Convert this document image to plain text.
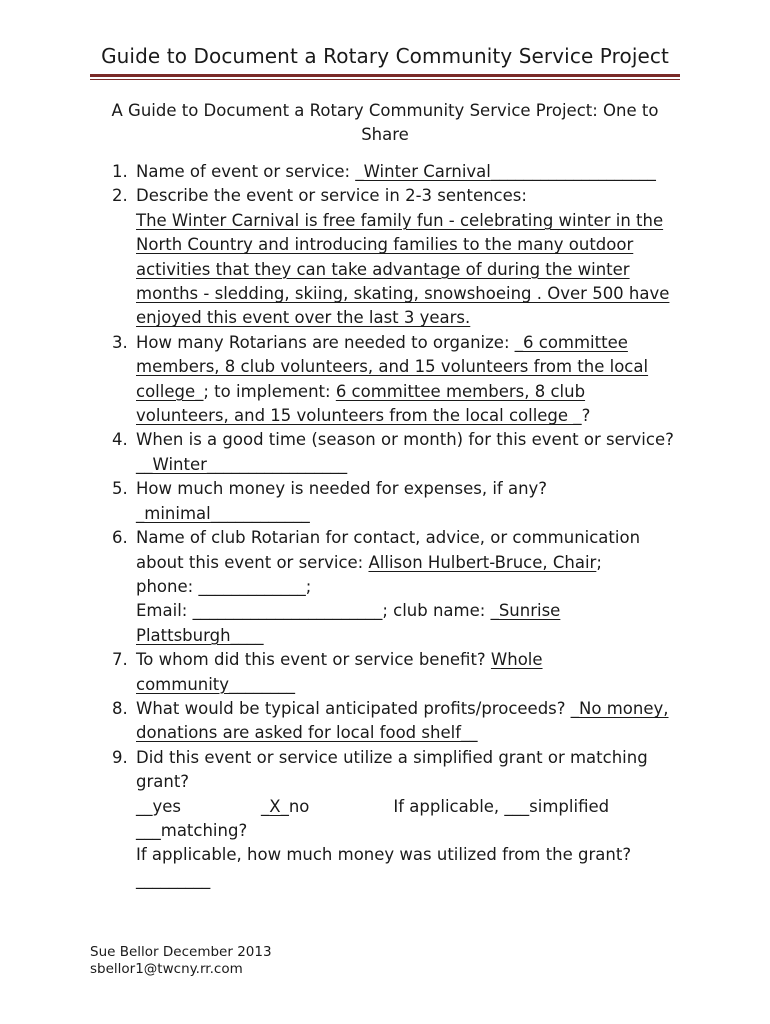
Guide to Document a Rotary Community Service Project
A Guide to Document a Rotary Community Service Project: One to Share
1. Name of event or service: _Winter Carnival____________________
2. Describe the event or service in 2-3 sentences:
The Winter Carnival is free family fun - celebrating winter in the North Country and introducing families to the many outdoor activities that they can take advantage of during the winter months - sledding, skiing, skating, snowshoeing . Over 500 have enjoyed this event over the last 3 years.
3. How many Rotarians are needed to organize: _6 committee members, 8 club volunteers, and 15 volunteers from the local college_; to implement: 6 committee members, 8 club volunteers, and 15 volunteers from the local college _?
4. When is a good time (season or month) for this event or service? __Winter_________________
5. How much money is needed for expenses, if any?
_minimal____________
6. Name of club Rotarian for contact, advice, or communication about this event or service: Allison Hulbert-Bruce, Chair;
phone: _____________;
Email: _______________________; club name: _Sunrise Plattsburgh____
7. To whom did this event or service benefit? Whole community________
8. What would be typical anticipated profits/proceeds? _No money, donations are asked for local food shelf__
9. Did this event or service utilize a simplified grant or matching grant?
__yes	_X_no	If applicable, ___simplified
___matching?
If applicable, how much money was utilized from the grant?
_________
Sue Bellor December 2013
sbellor1@twcny.rr.com
